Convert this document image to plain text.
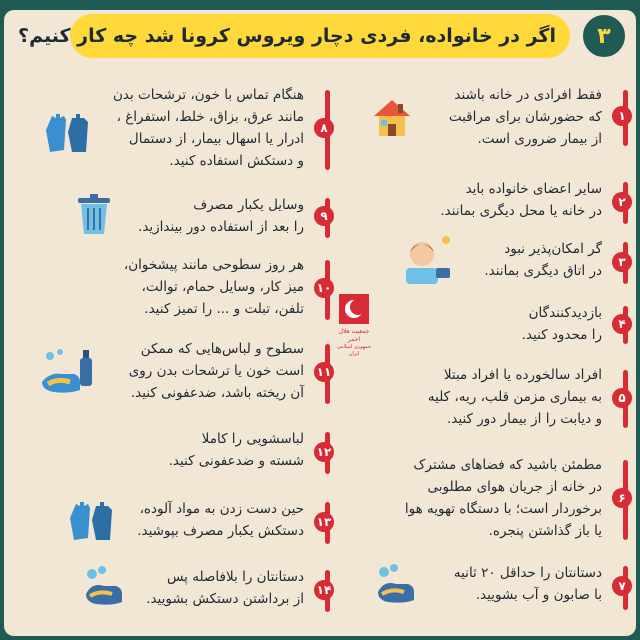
اگر در خانواده، فردی دچار ویروس کرونا شد چه کار کنیم؟	۳
۱
فقط افرادی در خانه باشند
که حضورشان برای مراقبت
از بیمار ضروری است.
۲
سایر اعضای خانواده باید
در خانه یا محل دیگری بمانند.
۳
گر امکان‌پذیر نبود
در اتاق دیگری بمانند.
۴
بازدیدکنندگان
را محدود کنید.
جمعیت هلال احمر
جمهوری اسلامی ایران
۵
افراد سالخورده یا افراد مبتلا
به بیماری مزمن قلب، ریه، کلیه
و دیابت را از بیمار دور کنید.
۶
مطمئن باشید که فضاهای مشترک
در خانه از جریان هوای مطلوبی
برخوردار است؛ با دستگاه تهویه هوا
یا باز گذاشتن پنجره.
۷
دستانتان را حداقل ۲۰ ثانیه
با صابون و آب بشویید.
۸
هنگام تماس با خون، ترشحات بدن
مانند عرق، بزاق، خلط، استفراغ ،
ادرار یا اسهال بیمار، از دستمال
و دستکش استفاده کنید.
۹
وسایل یکبار مصرف
را بعد از استفاده دور بیندازید.
۱۰
هر روز سطوحی مانند پیشخوان،
میز کار، وسایل حمام، توالت،
تلفن، تبلت و ... را تمیز کنید.
۱۱
سطوح و لباس‌هایی که ممکن
است خون یا ترشحات بدن روی
آن ریخته باشد، ضدعفونی کنید.
۱۲
لباسشویی را کاملا
شسته و ضدعفونی کنید.
۱۳
حین دست زدن به مواد آلوده،
دستکش یکبار مصرف بپوشید.
۱۴
دستانتان را بلافاصله پس
از برداشتن دستکش بشویید.
